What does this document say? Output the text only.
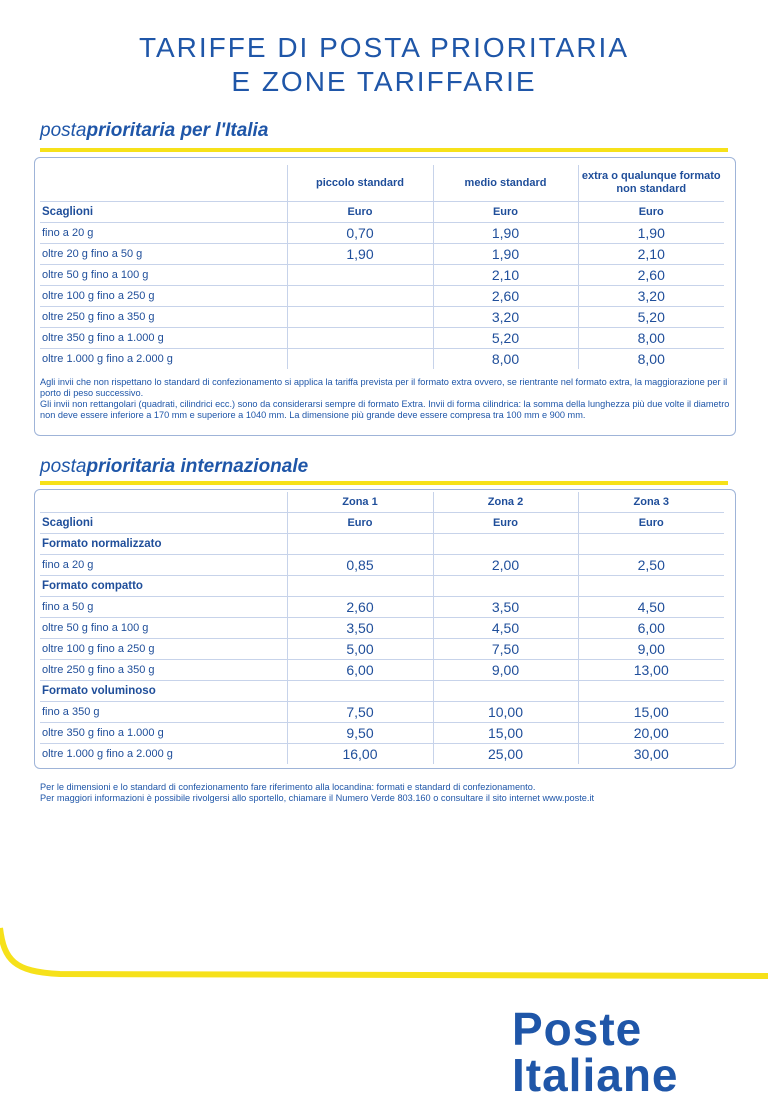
TARIFFE DI POSTA PRIORITARIA
E ZONE TARIFFARIE
postaprioritaria per l'Italia
	piccolo standard	medio standard	extra o qualunque formato non standard
Scaglioni	Euro	Euro	Euro
fino a 20 g	0,70	1,90	1,90
oltre 20 g fino a 50 g	1,90	1,90	2,10
oltre 50 g fino a 100 g		2,10	2,60
oltre 100 g fino a 250 g		2,60	3,20
oltre 250 g fino a 350 g		3,20	5,20
oltre 350 g fino a 1.000 g		5,20	8,00
oltre 1.000 g fino a 2.000 g		8,00	8,00
Agli invii che non rispettano lo standard di confezionamento si applica la tariffa prevista per il formato extra ovvero, se rientrante nel formato extra, la maggiorazione per il porto di peso successivo.
Gli invii non rettangolari (quadrati, cilindrici ecc.) sono da considerarsi sempre di formato Extra. Invii di forma cilindrica: la somma della lunghezza più due volte il diametro non deve essere inferiore a 170 mm e superiore a 1040 mm. La dimensione più grande deve essere compresa tra 100 mm e 900 mm.
postaprioritaria internazionale
	Zona 1	Zona 2	Zona 3
Scaglioni	Euro	Euro	Euro
Formato normalizzato			
fino a 20 g	0,85	2,00	2,50
Formato compatto			
fino a 50 g	2,60	3,50	4,50
oltre 50 g fino a 100 g	3,50	4,50	6,00
oltre 100 g fino a 250 g	5,00	7,50	9,00
oltre 250 g fino a 350 g	6,00	9,00	13,00
Formato voluminoso			
fino a 350 g	7,50	10,00	15,00
oltre 350 g fino a 1.000 g	9,50	15,00	20,00
oltre 1.000 g fino a 2.000 g	16,00	25,00	30,00
Per le dimensioni e lo standard di confezionamento fare riferimento alla locandina: formati e standard di confezionamento.
Per maggiori informazioni è possibile rivolgersi allo sportello, chiamare il Numero Verde 803.160 o consultare il sito internet www.poste.it
Poste Italiane
